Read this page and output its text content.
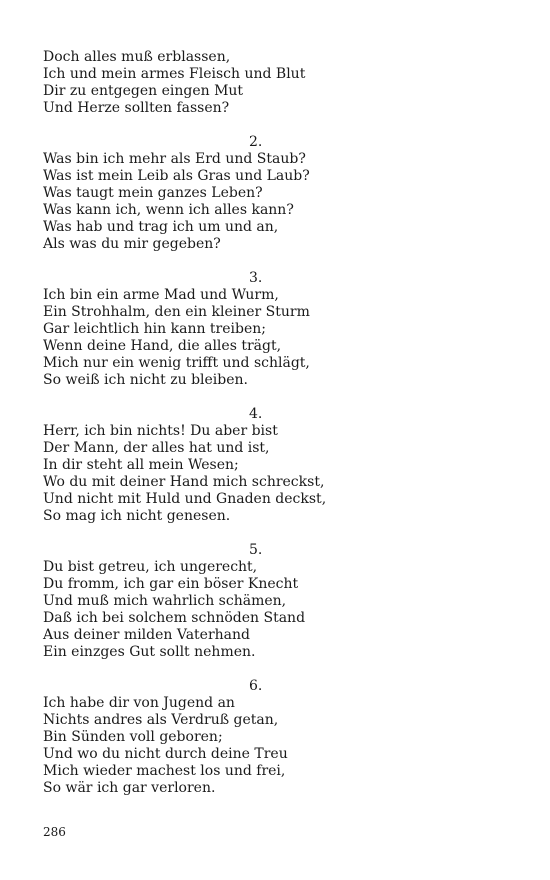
Doch alles muß erblassen,
Ich und mein armes Fleisch und Blut
Dir zu entgegen eingen Mut
Und Herze sollten fassen?
2.
Was bin ich mehr als Erd und Staub?
Was ist mein Leib als Gras und Laub?
Was taugt mein ganzes Leben?
Was kann ich, wenn ich alles kann?
Was hab und trag ich um und an,
Als was du mir gegeben?
3.
Ich bin ein arme Mad und Wurm,
Ein Strohhalm, den ein kleiner Sturm
Gar leichtlich hin kann treiben;
Wenn deine Hand, die alles trägt,
Mich nur ein wenig trifft und schlägt,
So weiß ich nicht zu bleiben.
4.
Herr, ich bin nichts! Du aber bist
Der Mann, der alles hat und ist,
In dir steht all mein Wesen;
Wo du mit deiner Hand mich schreckst,
Und nicht mit Huld und Gnaden deckst,
So mag ich nicht genesen.
5.
Du bist getreu, ich ungerecht,
Du fromm, ich gar ein böser Knecht
Und muß mich wahrlich schämen,
Daß ich bei solchem schnöden Stand
Aus deiner milden Vaterhand
Ein einzges Gut sollt nehmen.
6.
Ich habe dir von Jugend an
Nichts andres als Verdruß getan,
Bin Sünden voll geboren;
Und wo du nicht durch deine Treu
Mich wieder machest los und frei,
So wär ich gar verloren.
286
